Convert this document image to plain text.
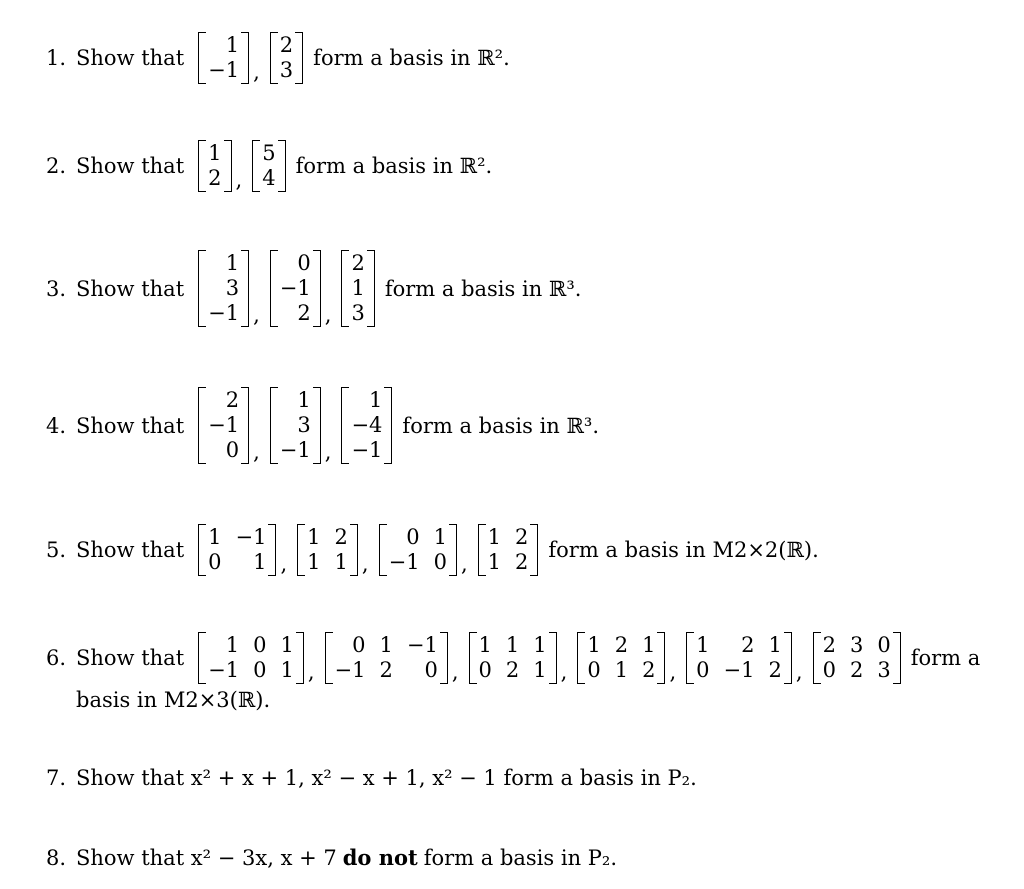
1. Show that
1
−1 ,
2
3 form a basis in ℝ².
2. Show that
1
2 ,
5
4 form a basis in ℝ².
3. Show that
1
3
−1 ,
0
−1
2 ,
2
1
3
form a basis in ℝ³.
4. Show that
2
−1
0 ,
1
3
−1 ,
1
−4
−1
form a basis in ℝ³.
5. Show that
1 −1
0	1 ,
1 2
1 1 ,
0 1
−1 0 ,
1 2
1 2 form a basis in M2×2(ℝ).
6. Show that
1 0 1
−1 0 1 ,
0 1 −1
−1 2	0 ,
1 1 1
0 2 1 ,
1 2 1
0 1 2 ,
1	2 1
0 −1 2 ,
2 3 0
0 2 3 form a
basis in M2×3(ℝ).
7. Show that x² + x + 1, x² − x + 1, x² − 1 form a basis in P₂.
8. Show that x² − 3x, x + 7 do not form a basis in P₂.
